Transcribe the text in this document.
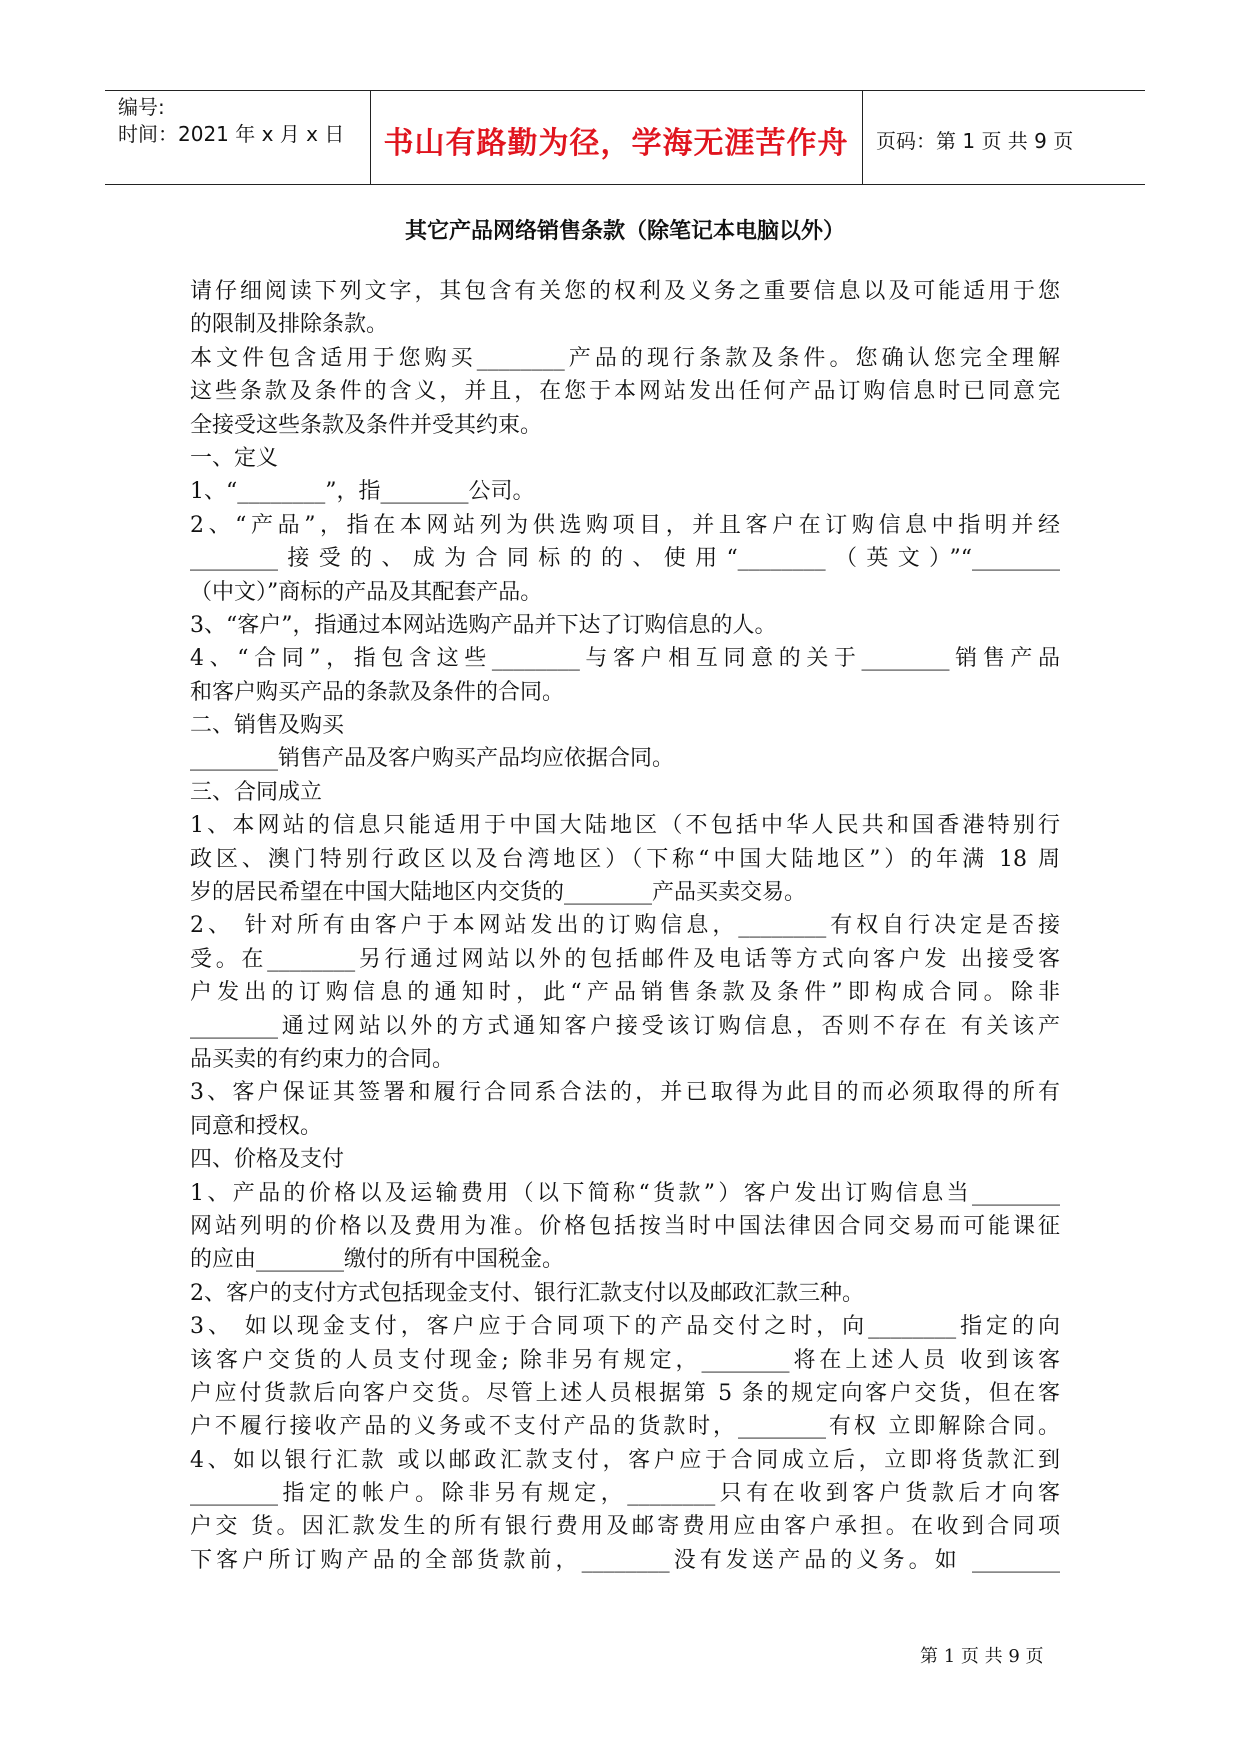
编号:
时间：2021 年 x 月 x 日	书山有路勤为径，学海无涯苦作舟	页码：第 1 页 共 9 页
其它产品网络销售条款（除笔记本电脑以外）
请仔细阅读下列文字，其包含有关您的权利及义务之重要信息以及可能适用于您
的限制及排除条款。
本文件包含适用于您购买________产品的现行条款及条件。您确认您完全理解
这些条款及条件的含义，并且，在您于本网站发出任何产品订购信息时已同意完
全接受这些条款及条件并受其约束。
一、定义
1、“________”，指________公司。
2、“产品”，指在本网站列为供选购项目，并且客户在订购信息中指明并经
________接受的、成为合同标的的、使用“________（英文）”“________
（中文）”商标的产品及其配套产品。
3、“客户”，指通过本网站选购产品并下达了订购信息的人。
4、“合同”，指包含这些________与客户相互同意的关于________销售产品
和客户购买产品的条款及条件的合同。
二、销售及购买
________销售产品及客户购买产品均应依据合同。
三、合同成立
1、本网站的信息只能适用于中国大陆地区（不包括中华人民共和国香港特别行
政区、澳门特别行政区以及台湾地区）（下称“中国大陆地区”）的年满 18 周
岁的居民希望在中国大陆地区内交货的________产品买卖交易。
2、 针对所有由客户于本网站发出的订购信息，________有权自行决定是否接
受。在________另行通过网站以外的包括邮件及电话等方式向客户发 出接受客
户发出的订购信息的通知时，此“产品销售条款及条件”即构成合同。除非
________通过网站以外的方式通知客户接受该订购信息，否则不存在 有关该产
品买卖的有约束力的合同。
3、客户保证其签署和履行合同系合法的，并已取得为此目的而必须取得的所有
同意和授权。
四、价格及支付
1、产品的价格以及运输费用（以下简称“货款”）客户发出订购信息当________
网站列明的价格以及费用为准。价格包括按当时中国法律因合同交易而可能课征
的应由________缴付的所有中国税金。
2、客户的支付方式包括现金支付、银行汇款支付以及邮政汇款三种。
3、 如以现金支付，客户应于合同项下的产品交付之时，向________指定的向
该客户交货的人员支付现金; 除非另有规定，________将在上述人员 收到该客
户应付货款后向客户交货。尽管上述人员根据第 5 条的规定向客户交货，但在客
户不履行接收产品的义务或不支付产品的货款时，________有权 立即解除合同。
4、如以银行汇款 或以邮政汇款支付，客户应于合同成立后，立即将货款汇到
________指定的帐户。除非另有规定，________只有在收到客户货款后才向客
户交 货。因汇款发生的所有银行费用及邮寄费用应由客户承担。在收到合同项
下客户所订购产品的全部货款前，________没有发送产品的义务。如 ________
第 1 页 共 9 页
